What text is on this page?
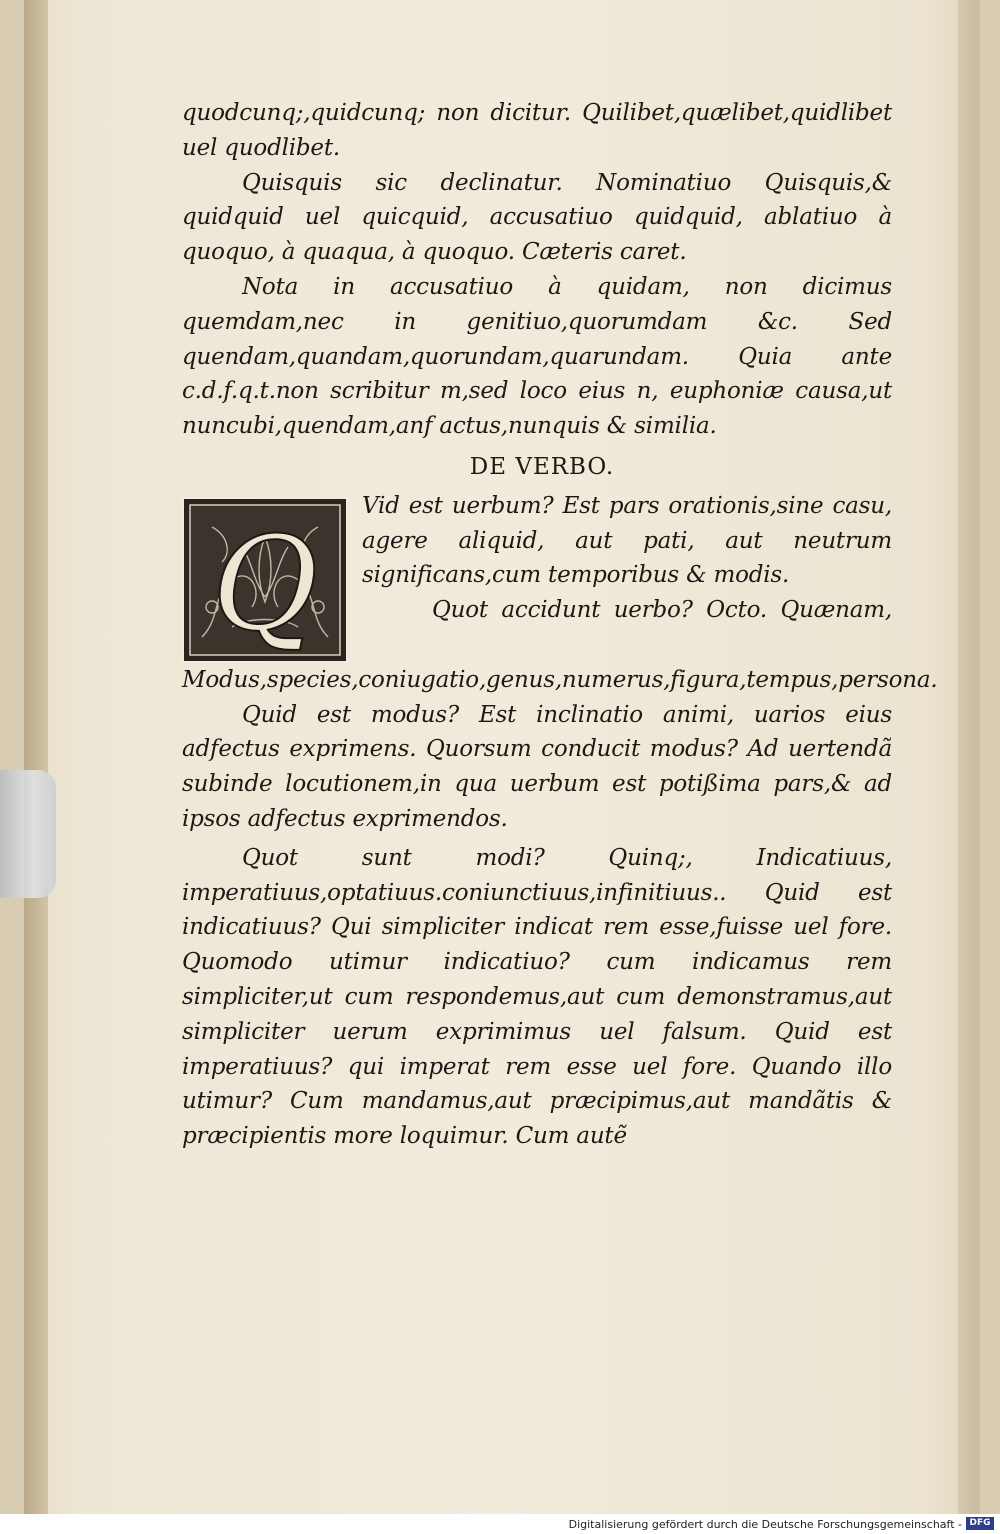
quodcunq;,quidcunq; non dicitur. Quilibet,quælibet,quidlibet uel quodlibet.

Quisquis sic declinatur. Nominatiuo Quisquis,& quidquid uel quicquid, accusatiuo quidquid, ablatiuo à quoquo, à quaqua, à quoquo. Cæteris caret.

Nota in accusatiuo à quidam, non dicimus quemdam,nec in genitiuo,quorumdam &c. Sed quendam,quandam,quorundam,quarundam. Quia ante c.d.f.q.t.non scribitur m,sed loco eius n, euphoniæ causa,ut nuncubi,quendam,anf actus,nunquis & similia.

DE VERBO.
Q

Vid est uerbum? Est pars orationis,sine casu, agere aliquid, aut pati, aut neutrum significans,cum temporibus & modis.

Quot accidunt uerbo? Octo. Quænam, Modus,species,coniugatio,genus,numerus,figura,tempus,persona.

Quid est modus? Est inclinatio animi, uarios eius adfectus exprimens. Quorsum conducit modus? Ad uertendã subinde locutionem,in qua uerbum est potißima pars,& ad ipsos adfectus exprimendos.

Quot sunt modi? Quinq;, Indicatiuus, imperatiuus,optatiuus.coniunctiuus,infinitiuus.. Quid est indicatiuus? Qui simpliciter indicat rem esse,fuisse uel fore. Quomodo utimur indicatiuo? cum indicamus rem simpliciter,ut cum respondemus,aut cum demonstramus,aut simpliciter uerum exprimimus uel falsum. Quid est imperatiuus? qui imperat rem esse uel fore. Quando illo utimur? Cum mandamus,aut præcipimus,aut mandãtis & præcipientis more loquimur. Cum autẽ

Digitalisierung gefördert durch die Deutsche Forschungsgemeinschaft - DFG
